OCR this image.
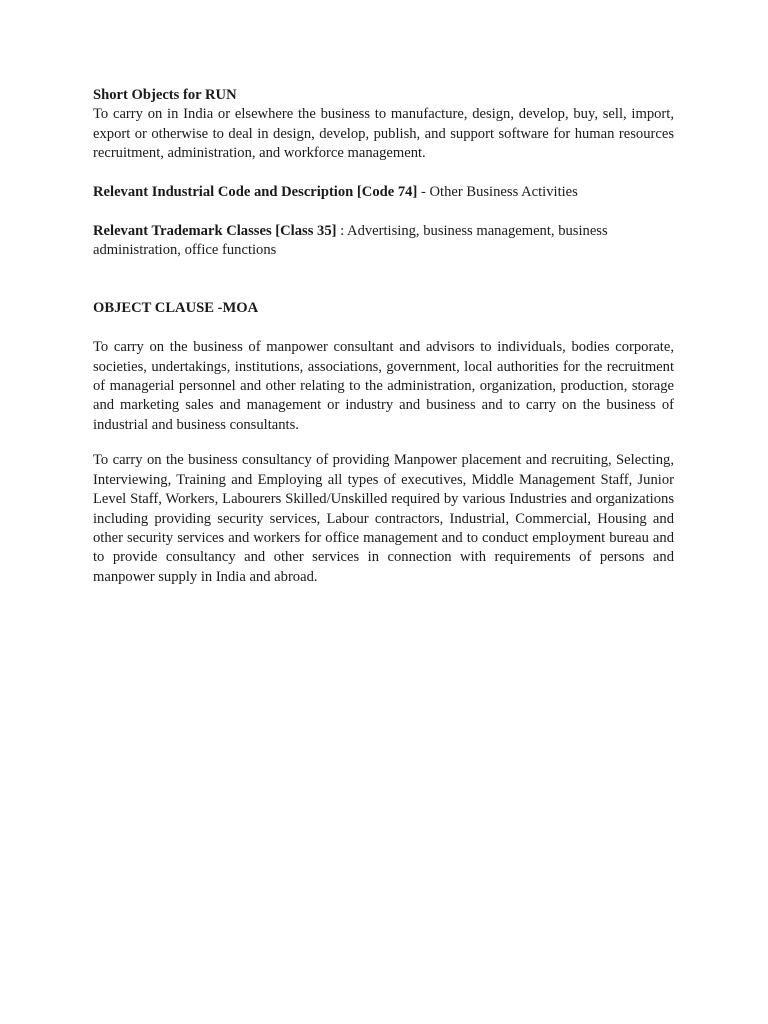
Short Objects for RUN

To carry on in India or elsewhere the business to manufacture, design, develop, buy, sell, import, export or otherwise to deal in design, develop, publish, and support software for human resources recruitment, administration, and workforce management.

Relevant Industrial Code and Description [Code 74] - Other Business Activities

Relevant Trademark Classes [Class 35] : Advertising, business management, business administration, office functions

OBJECT CLAUSE -MOA

To carry on the business of manpower consultant and advisors to individuals, bodies corporate, societies, undertakings, institutions, associations, government, local authorities for the recruitment of managerial personnel and other relating to the administration, organization, production, storage and marketing sales and management or industry and business and to carry on the business of industrial and business consultants.

To carry on the business consultancy of providing Manpower placement and recruiting, Selecting, Interviewing, Training and Employing all types of executives, Middle Management Staff, Junior Level Staff, Workers, Labourers Skilled/Unskilled required by various Industries and organizations including providing security services, Labour contractors, Industrial, Commercial, Housing and other security services and workers for office management and to conduct employment bureau and to provide consultancy and other services in connection with requirements of persons and manpower supply in India and abroad.
